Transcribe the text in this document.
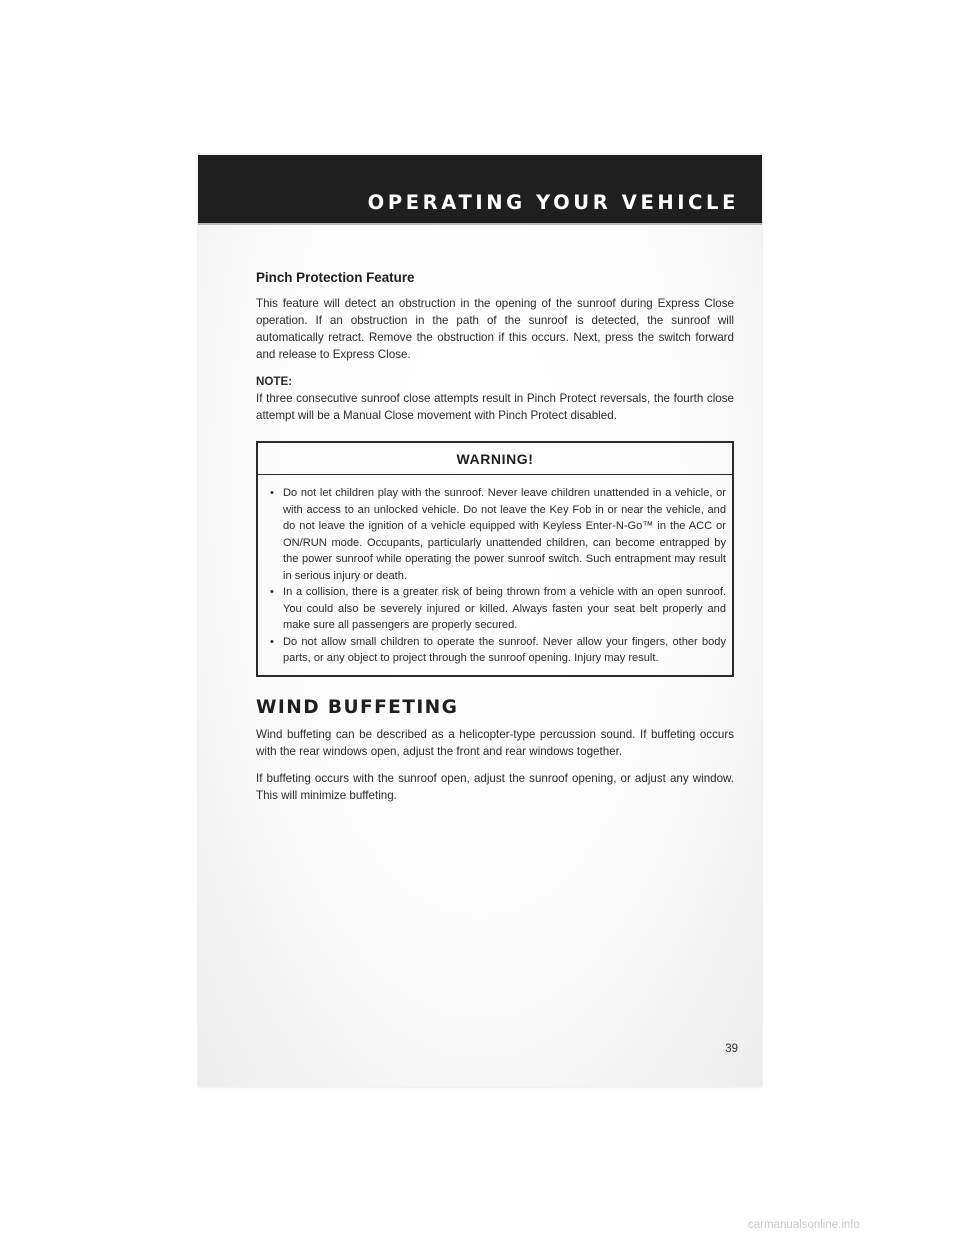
OPERATING YOUR VEHICLE
Pinch Protection Feature

This feature will detect an obstruction in the opening of the sunroof during Express Close operation. If an obstruction in the path of the sunroof is detected, the sunroof will automatically retract. Remove the obstruction if this occurs. Next, press the switch forward and release to Express Close.

NOTE:

If three consecutive sunroof close attempts result in Pinch Protect reversals, the fourth close attempt will be a Manual Close movement with Pinch Protect disabled.

WARNING!
• Do not let children play with the sunroof. Never leave children unattended in a vehicle, or with access to an unlocked vehicle. Do not leave the Key Fob in or near the vehicle, and do not leave the ignition of a vehicle equipped with Keyless Enter-N-Go™ in the ACC or ON/RUN mode. Occupants, particularly unattended children, can become entrapped by the power sunroof while operating the power sunroof switch. Such entrapment may result in serious injury or death.
• In a collision, there is a greater risk of being thrown from a vehicle with an open sunroof. You could also be severely injured or killed. Always fasten your seat belt properly and make sure all passengers are properly secured.
• Do not allow small children to operate the sunroof. Never allow your fingers, other body parts, or any object to project through the sunroof opening. Injury may result.
WIND BUFFETING

Wind buffeting can be described as a helicopter-type percussion sound. If buffeting occurs with the rear windows open, adjust the front and rear windows together.

If buffeting occurs with the sunroof open, adjust the sunroof opening, or adjust any window. This will minimize buffeting.

39
carmanualsonline.info
